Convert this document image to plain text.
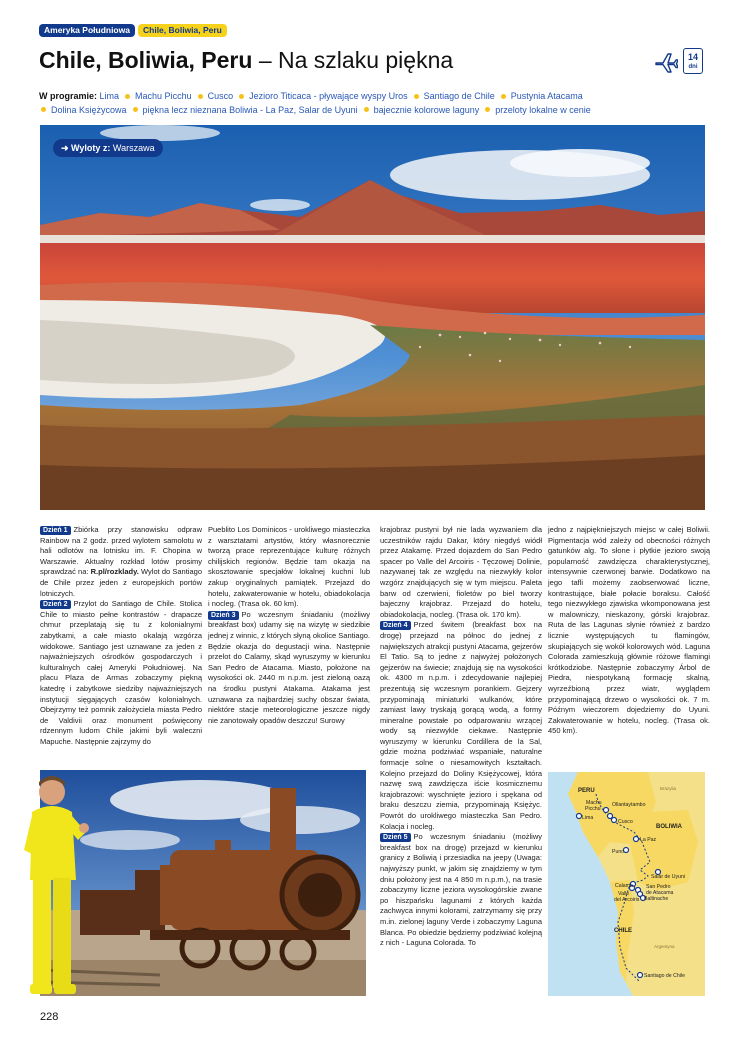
Ameryka Południowa	Chile, Boliwia, Peru
Chile, Boliwia, Peru – Na szlaku piękna	14
dni
W programie: Lima Machu Picchu Cusco Jezioro Titicaca - pływające wyspy Uros Santiago de Chile Pustynia Atacama
Dolina Księżycowa piękna lecz nieznana Boliwia - La Paz, Salar de Uyuni bajecznie kolorowe laguny przeloty lokalne w cenie
➜ Wyloty z: Warszawa

Dzień 1 Zbiórka przy stanowisku odpraw Rainbow na 2 godz. przed wylotem samolotu w hali odlotów na lotnisku im. F. Chopina w Warszawie. Aktualny rozkład lotów prosimy sprawdzać na: R.pl/rozklady. Wylot do Santiago de Chile przez jeden z europejskich portów lotniczych.

Dzień 2 Przylot do Santiago de Chile. Stolica Chile to miasto pełne kontrastów - drapacze chmur przeplatają się tu z kolonialnymi zabytkami, a całe miasto okalają wzgórza widokowe. Santiago jest uznawane za jeden z najważniejszych ośrodków gospodarczych i kulturalnych całej Ameryki Południowej. Na placu Plaza de Armas zobaczymy piękną katedrę i zabytkowe siedziby najważniejszych instytucji sięgających czasów kolonialnych. Obejrzymy też pomnik założyciela miasta Pedro de Valdivii oraz monument poświęcony rdzennym ludom Chile jakimi byli waleczni Mapuche. Następnie zajrzymy do

Pueblito Los Dominicos - urokliwego miasteczka z warsztatami artystów, który własnorecznie tworzą prace reprezentujące kulturę różnych chilijskich regionów. Będzie tam okazja na skosztowanie specjałów lokalnej kuchni lub zakup oryginalnych pamiątek. Przejazd do hotelu, zakwaterowanie w hotelu, obiadokolacja i nocleg. (Trasa ok. 60 km).

Dzień 3 Po wczesnym śniadaniu (możliwy breakfast box) udamy się na wizytę w siedzibie jednej z winnic, z których słyną okolice Santiago. Będzie okazja do degustacji wina. Następnie przelot do Calamy, skąd wyruszymy w kierunku San Pedro de Atacama. Miasto, położone na wysokości ok. 2440 m n.p.m. jest zieloną oazą na środku pustyni Atakama. Atakama jest uznawana za najbardziej suchy obszar świata, niektóre stacje meteorologiczne jeszcze nigdy nie zanotowały opadów deszczu! Surowy

krajobraz pustyni był nie lada wyzwaniem dla uczestników rajdu Dakar, który niegdyś wiódł przez Atakamę. Przed dojazdem do San Pedro spacer po Valle del Arcoiris - Tęczowej Dolinie, nazywanej tak ze względu na niezwykły kolor wzgórz znajdujących się w tym miejscu. Paleta barw od czerwieni, fioletów po biel tworzy bajeczny krajobraz. Przejazd do hotelu, obiadokolacja, nocleg. (Trasa ok. 170 km).

Dzień 4 Przed świtem (breakfast box na drogę) przejazd na północ do jednej z największych atrakcji pustyni Atacama, gejzerów El Tatio. Są to jedne z najwyżej położonych gejzerów na świecie; znajdują się na wysokości ok. 4300 m n.p.m. i zdecydowanie najlepiej prezentują się wczesnym porankiem. Gejzery przypominają miniaturki wulkanów, które zamiast lawy tryskają gorącą wodą, a formy mineralne powstałe po odparowaniu wrzącej wody są niezwykle ciekawe. Następnie wyruszymy w kierunku Cordillera de la Sal, gdzie można podziwiać wspaniałe, naturalne formacje solne o niesamowitych kształtach. Kolejno przejazd do Doliny Księżycowej, która nazwę swą zawdzięcza iście kosmicznemu krajobrazowi: wyschnięte jezioro i spękana od braku deszczu ziemia, przypominają Księżyc. Powrót do urokliwego miasteczka San Pedro. Kolacja i nocleg.

Dzień 5 Po wczesnym śniadaniu (możliwy breakfast box na drogę) przejazd w kierunku granicy z Boliwią i przesiadka na jeepy (Uwaga: najwyższy punkt, w jakim się znajdziemy w tym dniu położony jest na 4 850 m n.p.m.), na trasie zobaczymy liczne jeziora wysokogórskie zwane po hiszpańsku lagunami z których każda zachwyca innymi kolorami, zatrzymamy się przy m.in. zielonej laguny Verde i zobaczymy Laguna Blanca. Po obiedzie będziemy podziwiać kolejną z nich - Laguna Colorada. To

jedno z najpiękniejszych miejsc w całej Boliwii. Pigmentacja wód zależy od obecności różnych gatunków alg. To słone i płytkie jezioro swoją popularność zawdzięcza charakterystycznej, intensywnie czerwonej barwie. Dodatkowo na jego tafli możemy zaobserwować liczne, kontrastujące, białe połacie boraksu. Całość tego niezwykłego zjawiska wkomponowana jest w malowniczy, nieskazony, górski krajobraz. Ruta de las Lagunas słynie również z bardzo licznie występujących tu flamingów, skupiających się wokół kolorowych wód. Laguna Colorada zamieszkują głównie różowe flamingi krótkodziobe. Następnie zobaczymy Árbol de Piedra, niespotykaną formację skalną, wyrzeźbioną przez wiatr, wyglądem przypominającą drzewo o wysokości ok. 7 m. Późnym wieczorem dojedziemy do Uyuni. Zakwaterowanie w hotelu, nocleg. (Trasa ok. 450 km).

PERU
BOLIWIA
CHILE
Machu
Picchu
Ollantaytambo
Lima
Cusco
La Paz
Puno
Salar de Uyuni
Calama	San Pedro
de Atacama
Valle
del Arcoiris Baltinache
Santiago de Chile
Brazylia
Argentyna
228
